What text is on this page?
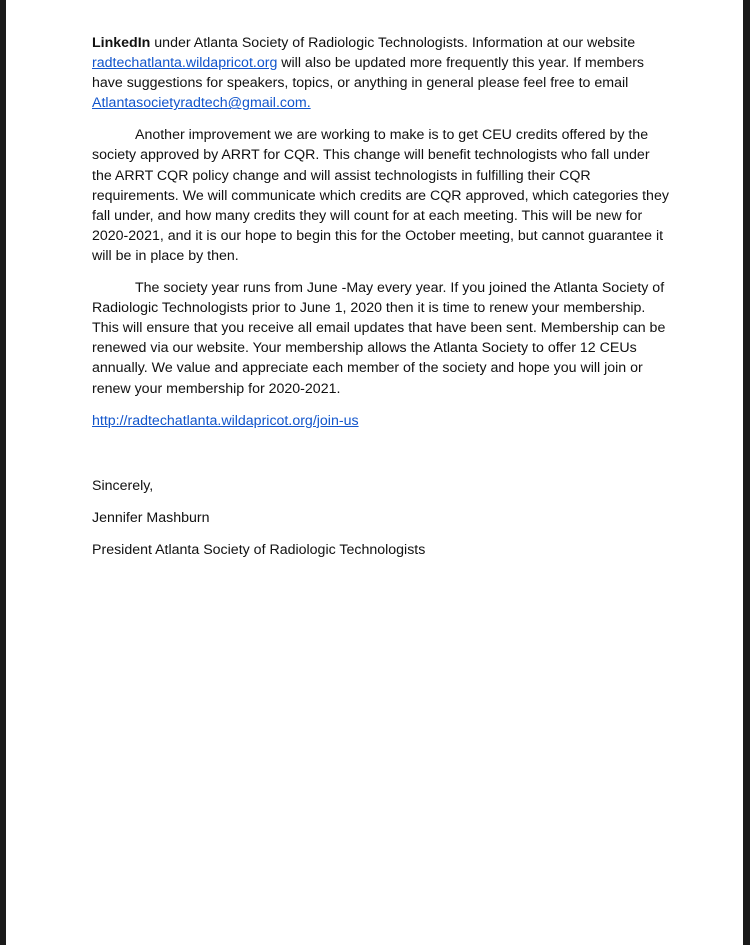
LinkedIn under Atlanta Society of Radiologic Technologists. Information at our website radtechatlanta.wildapricot.org will also be updated more frequently this year. If members have suggestions for speakers, topics, or anything in general please feel free to email Atlantasocietyradtech@gmail.com.

Another improvement we are working to make is to get CEU credits offered by the society approved by ARRT for CQR. This change will benefit technologists who fall under the ARRT CQR policy change and will assist technologists in fulfilling their CQR requirements. We will communicate which credits are CQR approved, which categories they fall under, and how many credits they will count for at each meeting. This will be new for 2020-2021, and it is our hope to begin this for the October meeting, but cannot guarantee it will be in place by then.

The society year runs from June -May every year. If you joined the Atlanta Society of Radiologic Technologists prior to June 1, 2020 then it is time to renew your membership. This will ensure that you receive all email updates that have been sent. Membership can be renewed via our website. Your membership allows the Atlanta Society to offer 12 CEUs annually. We value and appreciate each member of the society and hope you will join or renew your membership for 2020-2021.

http://radtechatlanta.wildapricot.org/join-us

Sincerely,

Jennifer Mashburn

President Atlanta Society of Radiologic Technologists
